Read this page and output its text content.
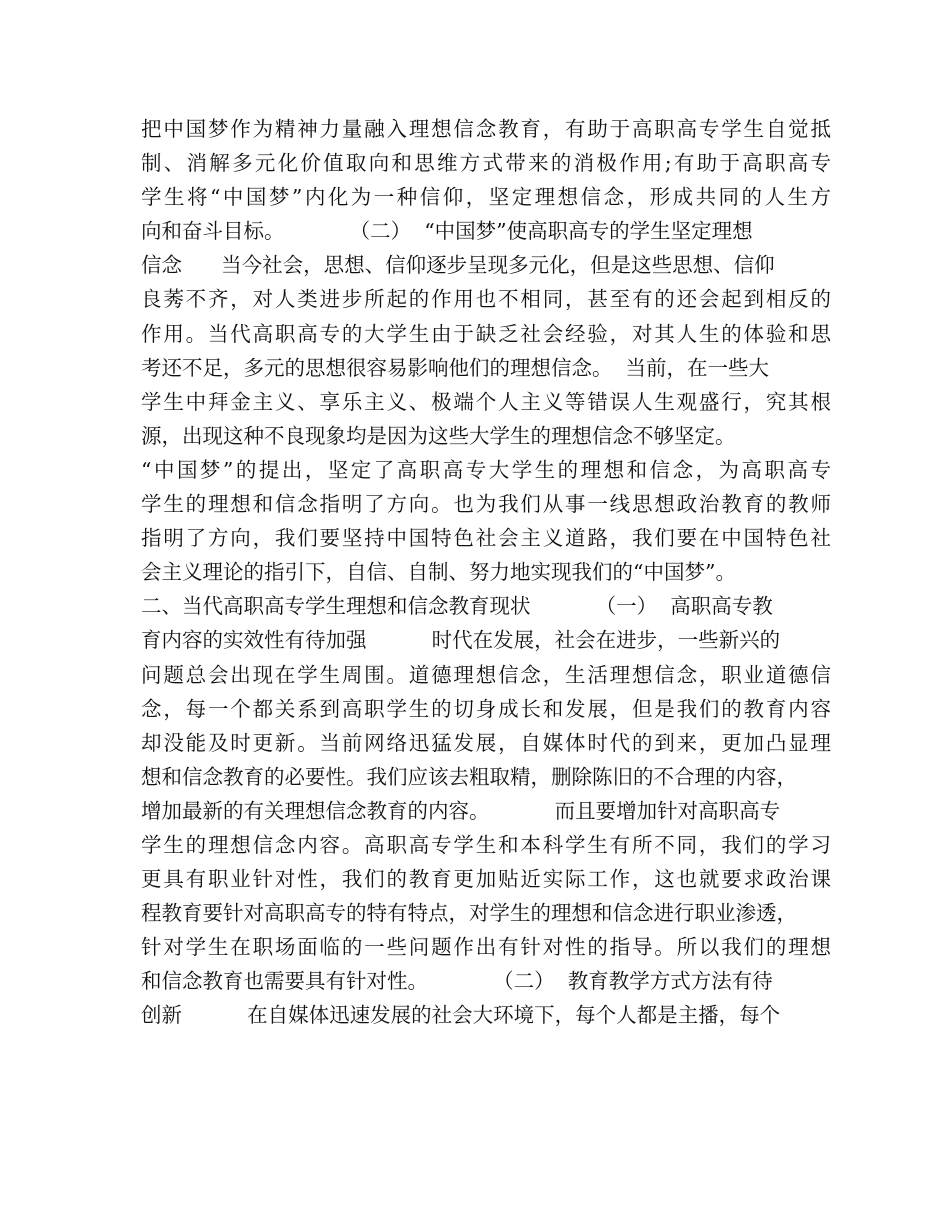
把中国梦作为精神力量融入理想信念教育，有助于高职高专学生自觉抵
制、消解多元化价值取向和思维方式带来的消极作用;有助于高职高专
学生将“中国梦”内化为一种信仰，坚定理想信念，形成共同的人生方
向和奋斗目标。          （二）  “中国梦”使高职高专的学生坚定理想
信念      当今社会，思想、信仰逐步呈现多元化，但是这些思想、信仰
良莠不齐，对人类进步所起的作用也不相同，甚至有的还会起到相反的
作用。当代高职高专的大学生由于缺乏社会经验，对其人生的体验和思
考还不足，多元的思想很容易影响他们的理想信念。  当前，在一些大
学生中拜金主义、享乐主义、极端个人主义等错误人生观盛行，究其根
源，出现这种不良现象均是因为这些大学生的理想信念不够坚定。
“中国梦”的提出，坚定了高职高专大学生的理想和信念，为高职高专
学生的理想和信念指明了方向。也为我们从事一线思想政治教育的教师
指明了方向，我们要坚持中国特色社会主义道路，我们要在中国特色社
会主义理论的指引下，自信、自制、努力地实现我们的“中国梦”。
二、当代高职高专学生理想和信念教育现状          （一）  高职高专教
育内容的实效性有待加强          时代在发展，社会在进步，一些新兴的
问题总会出现在学生周围。道德理想信念，生活理想信念，职业道德信
念，每一个都关系到高职学生的切身成长和发展，但是我们的教育内容
却没能及时更新。当前网络迅猛发展，自媒体时代的到来，更加凸显理
想和信念教育的必要性。我们应该去粗取精，删除陈旧的不合理的内容，
增加最新的有关理想信念教育的内容。          而且要增加针对高职高专
学生的理想信念内容。高职高专学生和本科学生有所不同，我们的学习
更具有职业针对性，我们的教育更加贴近实际工作，这也就要求政治课
程教育要针对高职高专的特有特点，对学生的理想和信念进行职业渗透，
针对学生在职场面临的一些问题作出有针对性的指导。所以我们的理想
和信念教育也需要具有针对性。          （二）  教育教学方式方法有待
创新          在自媒体迅速发展的社会大环境下，每个人都是主播，每个
